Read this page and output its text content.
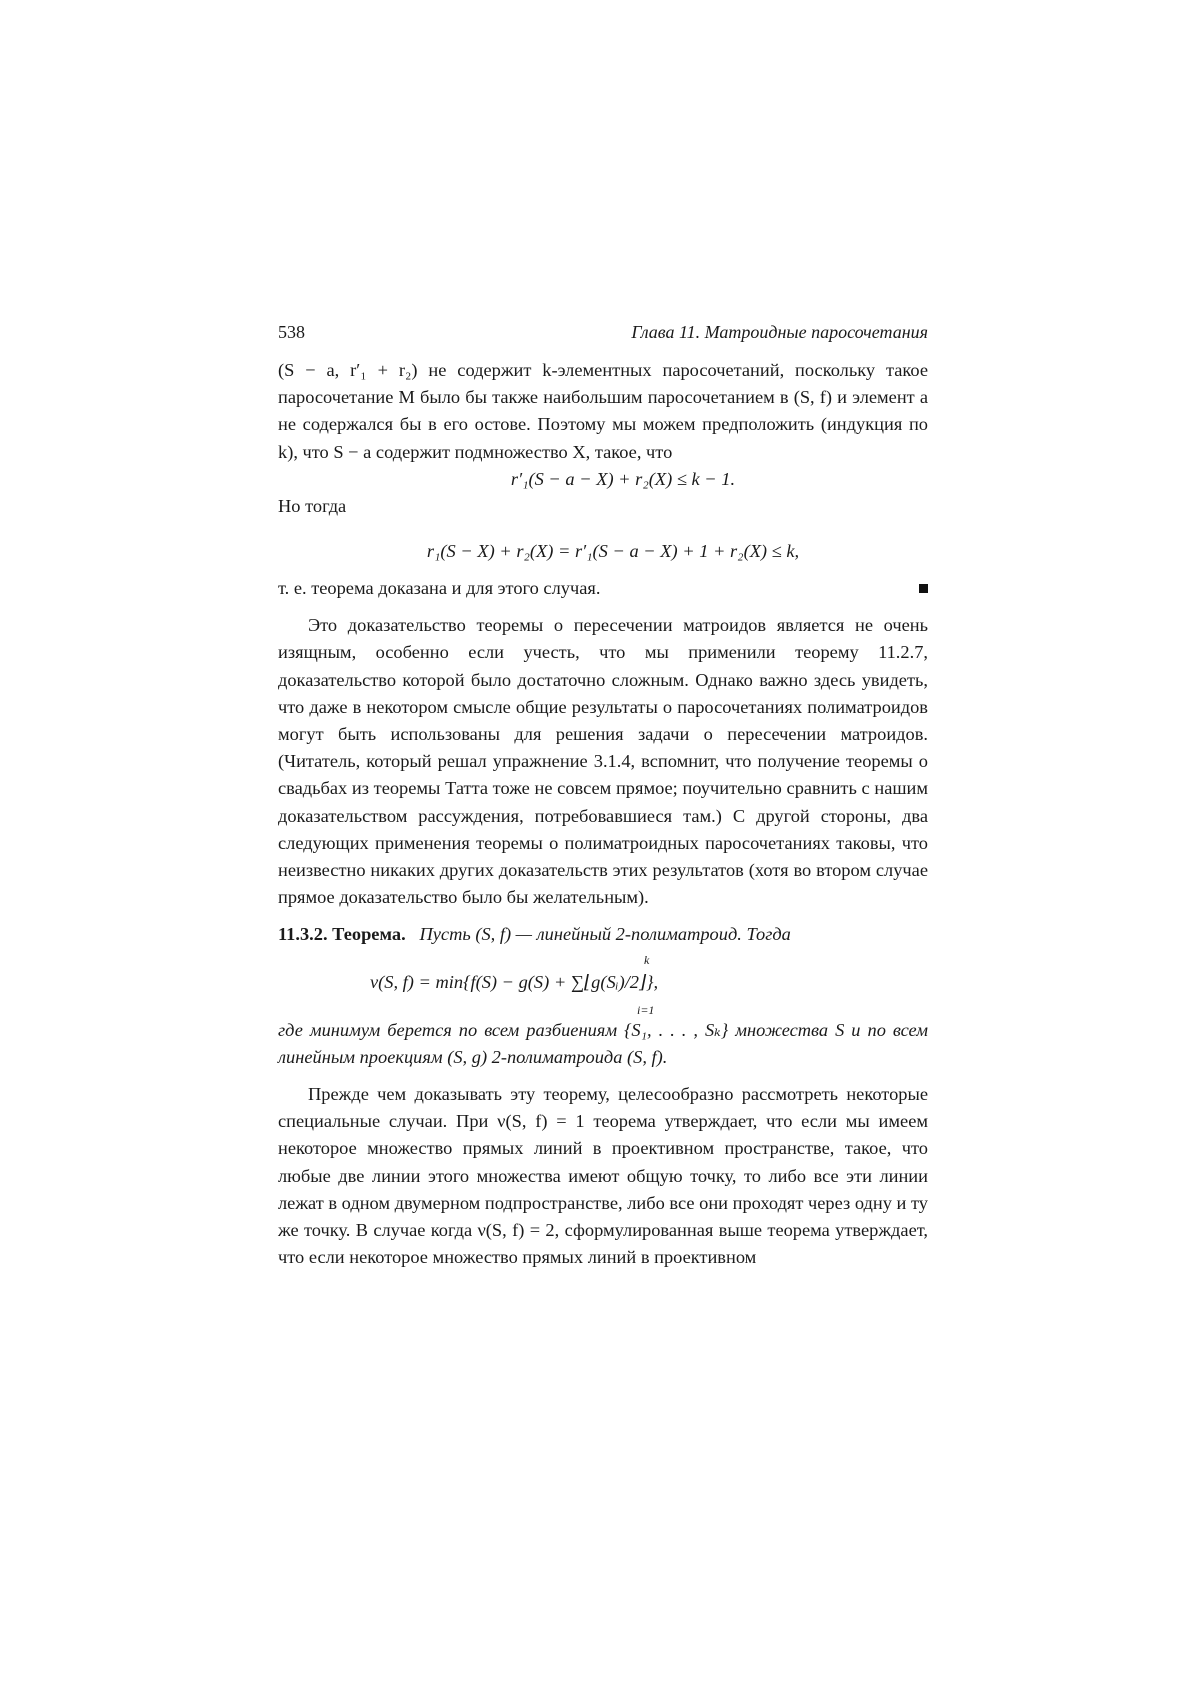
538	Глава 11. Матроидные паросочетания

(S − a, r′₁ + r₂) не содержит k-элементных паросочетаний, поскольку такое паросочетание M было бы также наибольшим паросочетанием в (S, f) и элемент a не содержался бы в его остове. Поэтому мы можем предположить (индукция по k), что S − a содержит подмножество X, такое, что

r′₁(S − a − X) + r₂(X) ≤ k − 1.

Но тогда

r₁(S − X) + r₂(X) = r′₁(S − a − X) + 1 + r₂(X) ≤ k,

т. е. теорема доказана и для этого случая.

Это доказательство теоремы о пересечении матроидов является не очень изящным, особенно если учесть, что мы применили теорему 11.2.7, доказательство которой было достаточно сложным. Однако важно здесь увидеть, что даже в некотором смысле общие результаты о паросочетаниях полиматроидов могут быть использованы для решения задачи о пересечении матроидов. (Читатель, который решал упражнение 3.1.4, вспомнит, что получение теоремы о свадьбах из теоремы Татта тоже не совсем прямое; поучительно сравнить с нашим доказательством рассуждения, потребовавшиеся там.) С другой стороны, два следующих применения теоремы о полиматроидных паросочетаниях таковы, что неизвестно никаких других доказательств этих результатов (хотя во втором случае прямое доказательство было бы желательным).

11.3.2. Теорема. Пусть (S, f) — линейный 2-полиматроид. Тогда

k
ν(S, f) = min{f(S) − g(S) + ∑⌊g(Sᵢ)/2⌋},
i=1

где минимум берется по всем разбиениям {S₁, . . . , Sₖ} множества S и по всем линейным проекциям (S, g) 2-полиматроида (S, f).

Прежде чем доказывать эту теорему, целесообразно рассмотреть некоторые специальные случаи. При ν(S, f) = 1 теорема утверждает, что если мы имеем некоторое множество прямых линий в проективном пространстве, такое, что любые две линии этого множества имеют общую точку, то либо все эти линии лежат в одном двумерном подпространстве, либо все они проходят через одну и ту же точку. В случае когда ν(S, f) = 2, сформулированная выше теорема утверждает, что если некоторое множество прямых линий в проективном
